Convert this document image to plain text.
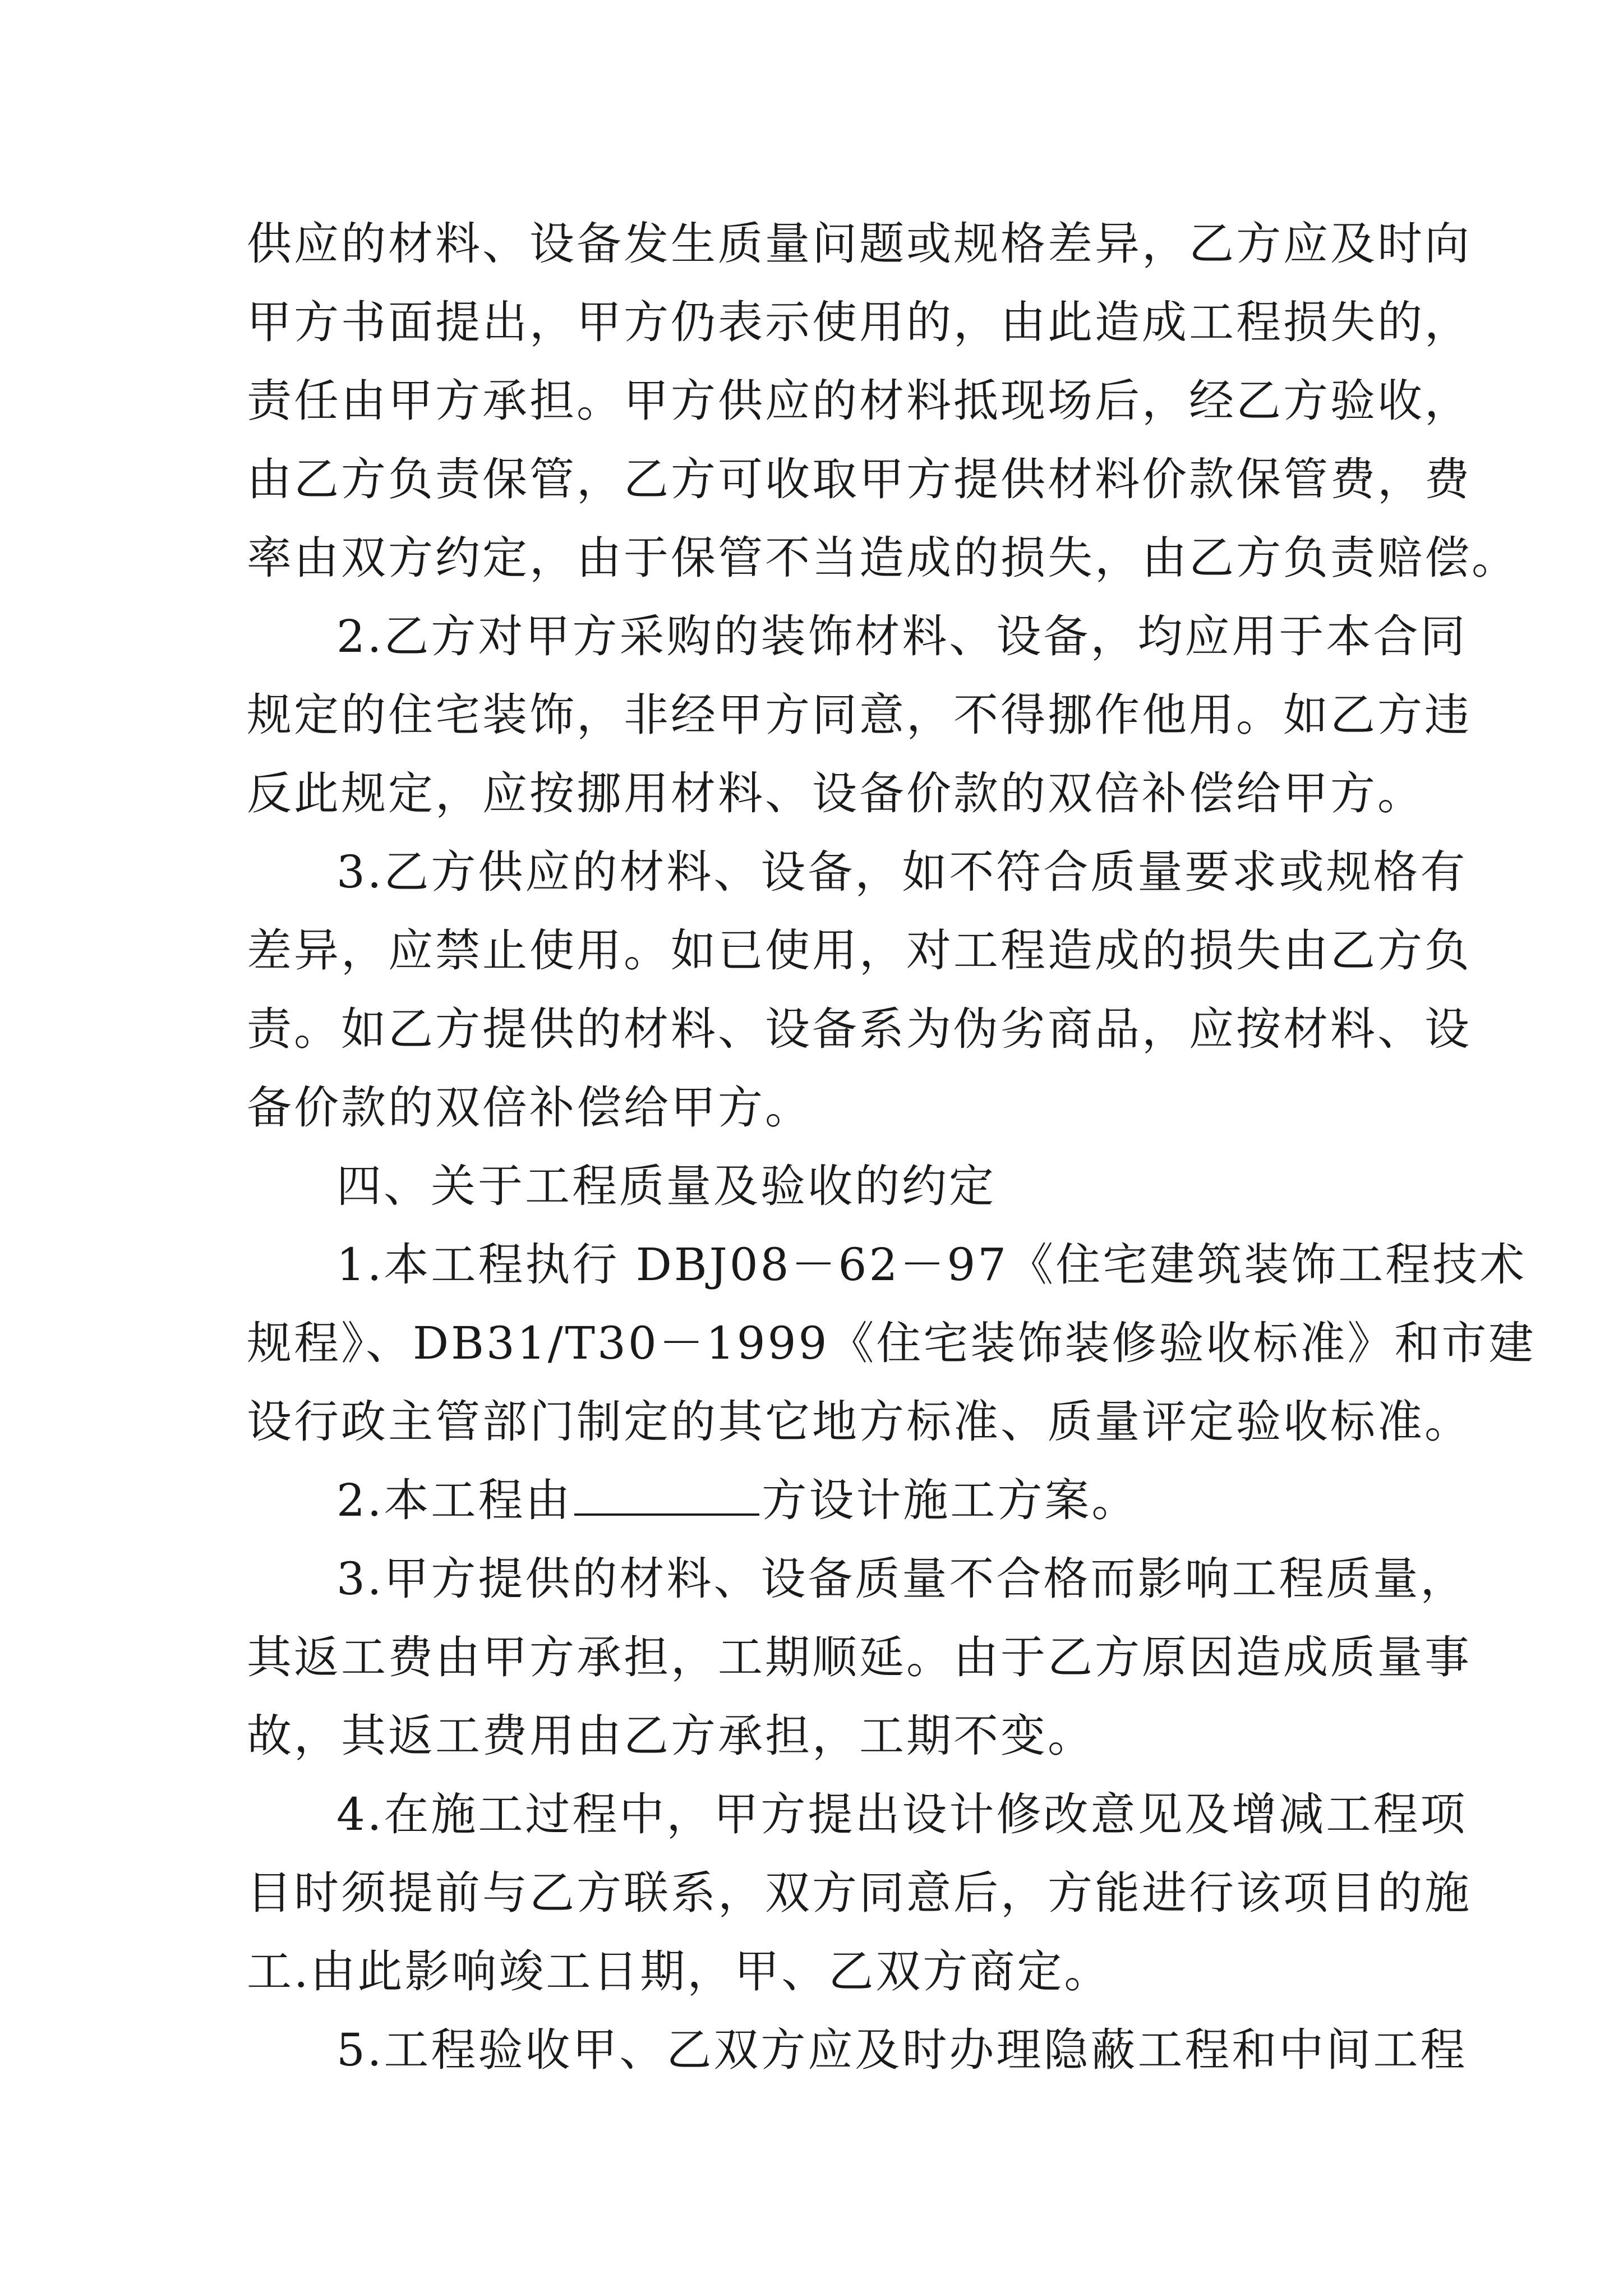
供应的材料、设备发生质量问题或规格差异，乙方应及时向
甲方书面提出，甲方仍表示使用的，由此造成工程损失的，
责任由甲方承担。甲方供应的材料抵现场后，经乙方验收，
由乙方负责保管，乙方可收取甲方提供材料价款保管费，费
率由双方约定，由于保管不当造成的损失，由乙方负责赔偿。
2.乙方对甲方采购的装饰材料、设备，均应用于本合同
规定的住宅装饰，非经甲方同意，不得挪作他用。如乙方违
反此规定，应按挪用材料、设备价款的双倍补偿给甲方。
3.乙方供应的材料、设备，如不符合质量要求或规格有
差异，应禁止使用。如已使用，对工程造成的损失由乙方负
责。如乙方提供的材料、设备系为伪劣商品，应按材料、设
备价款的双倍补偿给甲方。
四、关于工程质量及验收的约定
1.本工程执行 DBJ08－62－97《住宅建筑装饰工程技术
规程》、DB31/T30－1999《住宅装饰装修验收标准》和市建
设行政主管部门制定的其它地方标准、质量评定验收标准。
2.本工程由	方设计施工方案。
3.甲方提供的材料、设备质量不合格而影响工程质量，
其返工费由甲方承担，工期顺延。由于乙方原因造成质量事
故，其返工费用由乙方承担，工期不变。
4.在施工过程中，甲方提出设计修改意见及增减工程项
目时须提前与乙方联系，双方同意后，方能进行该项目的施
工.由此影响竣工日期，甲、乙双方商定。
5.工程验收甲、乙双方应及时办理隐蔽工程和中间工程
